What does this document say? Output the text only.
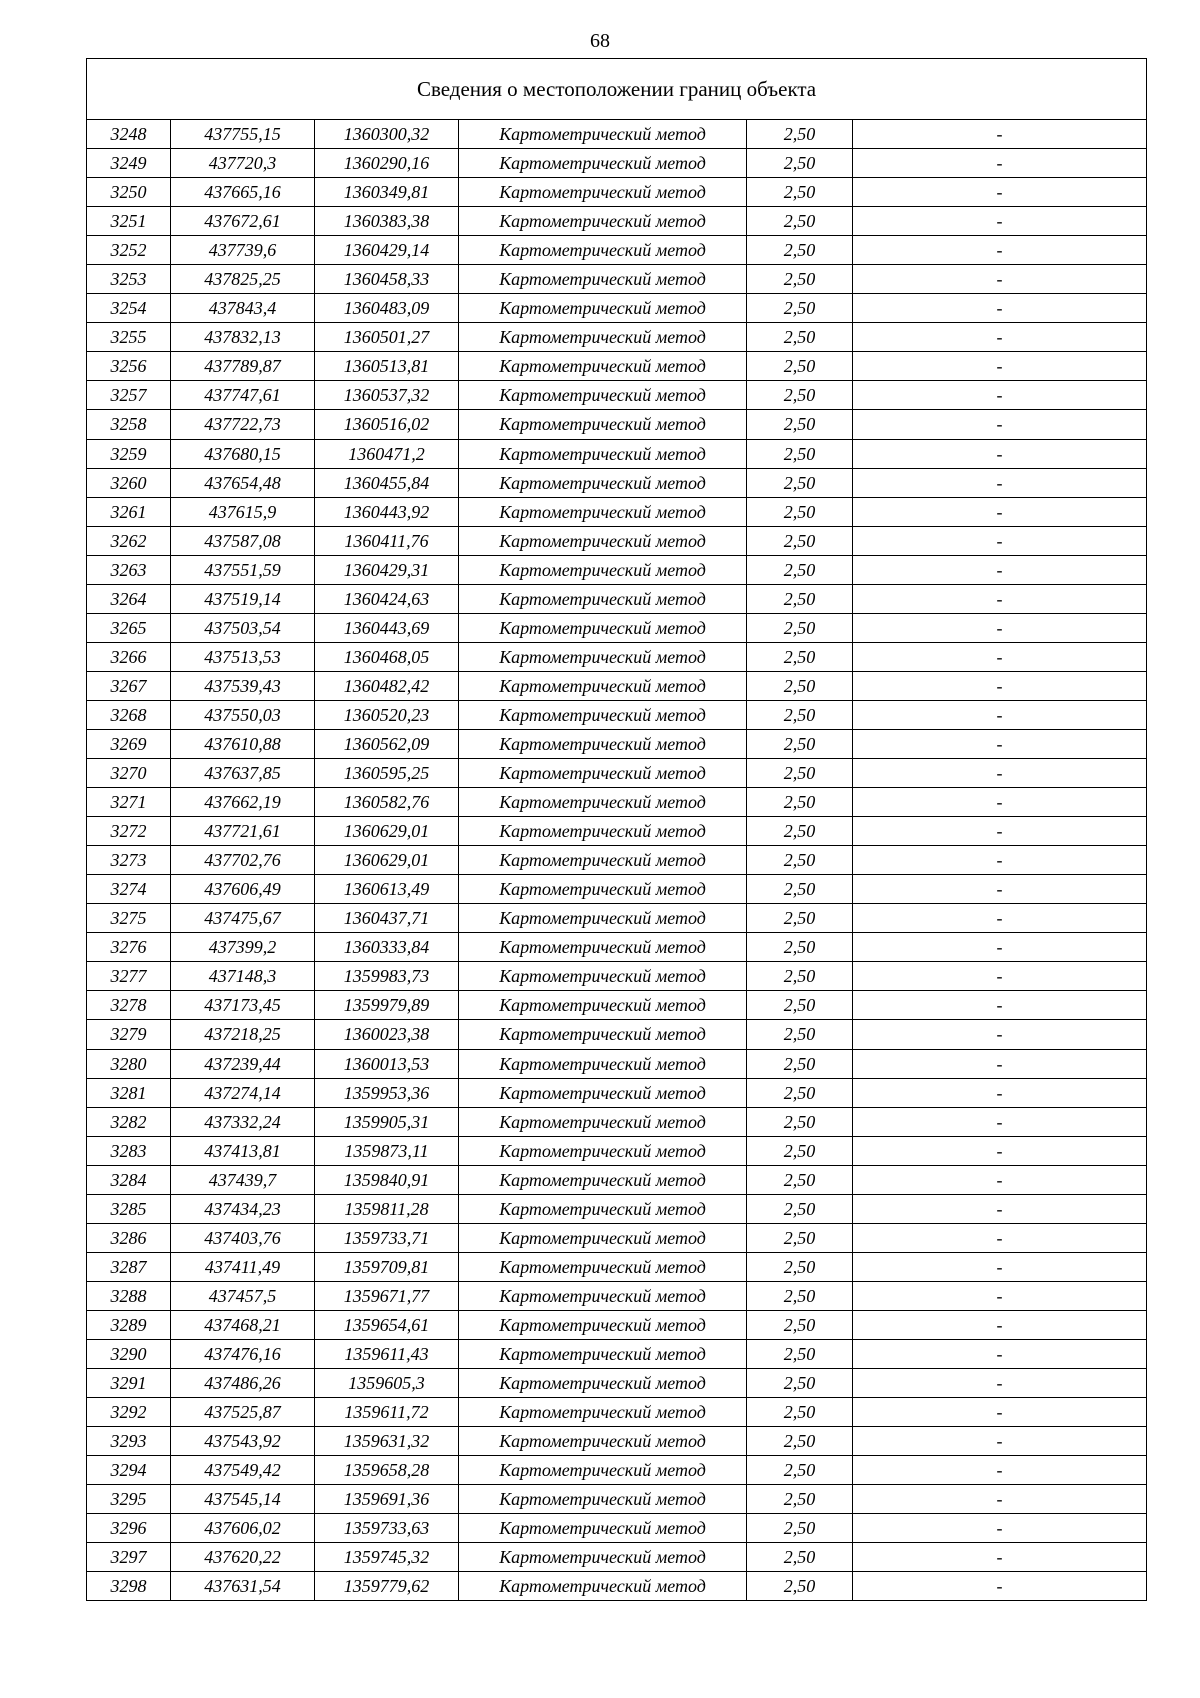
68
Сведения о местоположении границ объекта					
3248	437755,15	1360300,32	Картометрический метод	2,50	-
3249	437720,3	1360290,16	Картометрический метод	2,50	-
3250	437665,16	1360349,81	Картометрический метод	2,50	-
3251	437672,61	1360383,38	Картометрический метод	2,50	-
3252	437739,6	1360429,14	Картометрический метод	2,50	-
3253	437825,25	1360458,33	Картометрический метод	2,50	-
3254	437843,4	1360483,09	Картометрический метод	2,50	-
3255	437832,13	1360501,27	Картометрический метод	2,50	-
3256	437789,87	1360513,81	Картометрический метод	2,50	-
3257	437747,61	1360537,32	Картометрический метод	2,50	-
3258	437722,73	1360516,02	Картометрический метод	2,50	-
3259	437680,15	1360471,2	Картометрический метод	2,50	-
3260	437654,48	1360455,84	Картометрический метод	2,50	-
3261	437615,9	1360443,92	Картометрический метод	2,50	-
3262	437587,08	1360411,76	Картометрический метод	2,50	-
3263	437551,59	1360429,31	Картометрический метод	2,50	-
3264	437519,14	1360424,63	Картометрический метод	2,50	-
3265	437503,54	1360443,69	Картометрический метод	2,50	-
3266	437513,53	1360468,05	Картометрический метод	2,50	-
3267	437539,43	1360482,42	Картометрический метод	2,50	-
3268	437550,03	1360520,23	Картометрический метод	2,50	-
3269	437610,88	1360562,09	Картометрический метод	2,50	-
3270	437637,85	1360595,25	Картометрический метод	2,50	-
3271	437662,19	1360582,76	Картометрический метод	2,50	-
3272	437721,61	1360629,01	Картометрический метод	2,50	-
3273	437702,76	1360629,01	Картометрический метод	2,50	-
3274	437606,49	1360613,49	Картометрический метод	2,50	-
3275	437475,67	1360437,71	Картометрический метод	2,50	-
3276	437399,2	1360333,84	Картометрический метод	2,50	-
3277	437148,3	1359983,73	Картометрический метод	2,50	-
3278	437173,45	1359979,89	Картометрический метод	2,50	-
3279	437218,25	1360023,38	Картометрический метод	2,50	-
3280	437239,44	1360013,53	Картометрический метод	2,50	-
3281	437274,14	1359953,36	Картометрический метод	2,50	-
3282	437332,24	1359905,31	Картометрический метод	2,50	-
3283	437413,81	1359873,11	Картометрический метод	2,50	-
3284	437439,7	1359840,91	Картометрический метод	2,50	-
3285	437434,23	1359811,28	Картометрический метод	2,50	-
3286	437403,76	1359733,71	Картометрический метод	2,50	-
3287	437411,49	1359709,81	Картометрический метод	2,50	-
3288	437457,5	1359671,77	Картометрический метод	2,50	-
3289	437468,21	1359654,61	Картометрический метод	2,50	-
3290	437476,16	1359611,43	Картометрический метод	2,50	-
3291	437486,26	1359605,3	Картометрический метод	2,50	-
3292	437525,87	1359611,72	Картометрический метод	2,50	-
3293	437543,92	1359631,32	Картометрический метод	2,50	-
3294	437549,42	1359658,28	Картометрический метод	2,50	-
3295	437545,14	1359691,36	Картометрический метод	2,50	-
3296	437606,02	1359733,63	Картометрический метод	2,50	-
3297	437620,22	1359745,32	Картометрический метод	2,50	-
3298	437631,54	1359779,62	Картометрический метод	2,50	-
